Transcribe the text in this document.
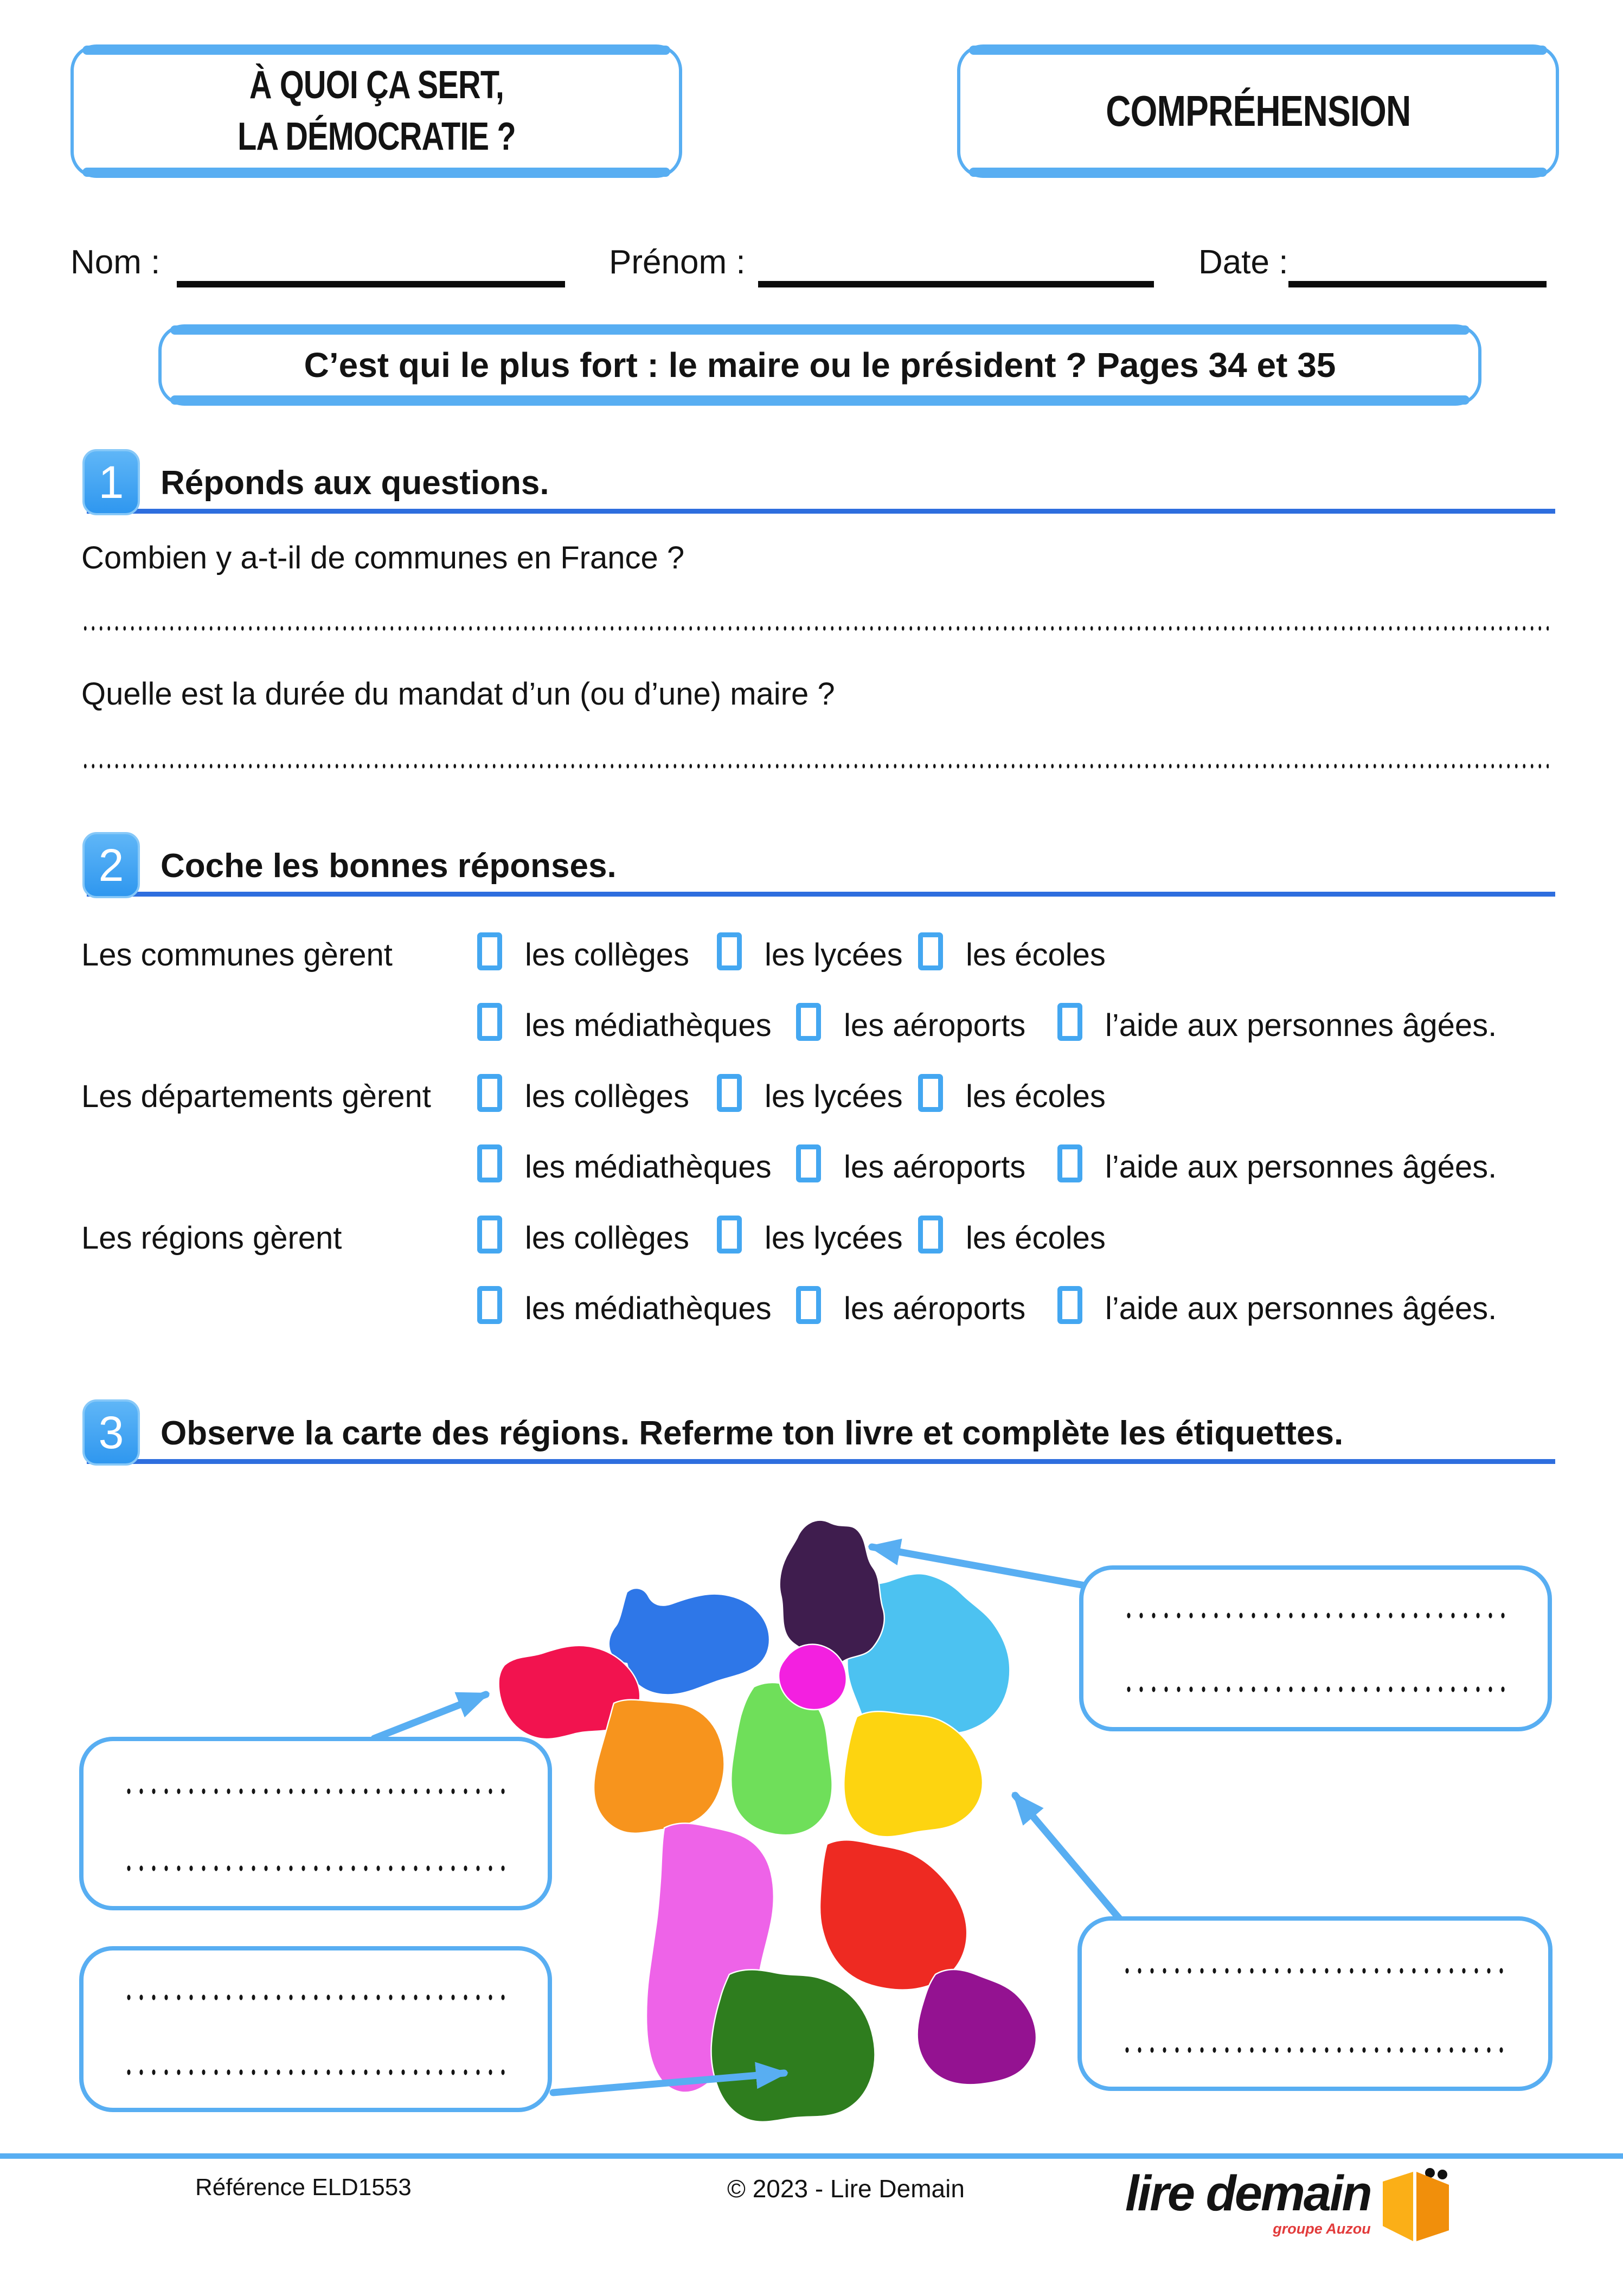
À QUOI ÇA SERT,
LA DÉMOCRATIE ?
COMPRÉHENSION
Nom :	Prénom :	Date :
C’est qui le plus fort : le maire ou le président ? Pages 34 et 35
1 Réponds aux questions.
Combien y a-t-il de communes en France ?
Quelle est la durée du mandat d’un (ou d’une) maire ?
2 Coche les bonnes réponses.
Les communes gèrent	les collèges les lycées les écoles
les médiathèques les aéroports	l’aide aux personnes âgées.
Les départements gèrent	les collèges les lycées les écoles
les médiathèques les aéroports	l’aide aux personnes âgées.
Les régions gèrent	les collèges les lycées les écoles
les médiathèques les aéroports	l’aide aux personnes âgées.
3 Observe la carte des régions. Referme ton livre et complète les étiquettes.
Référence ELD1553	© 2023 - Lire Demain	lire demain
groupe Auzou
